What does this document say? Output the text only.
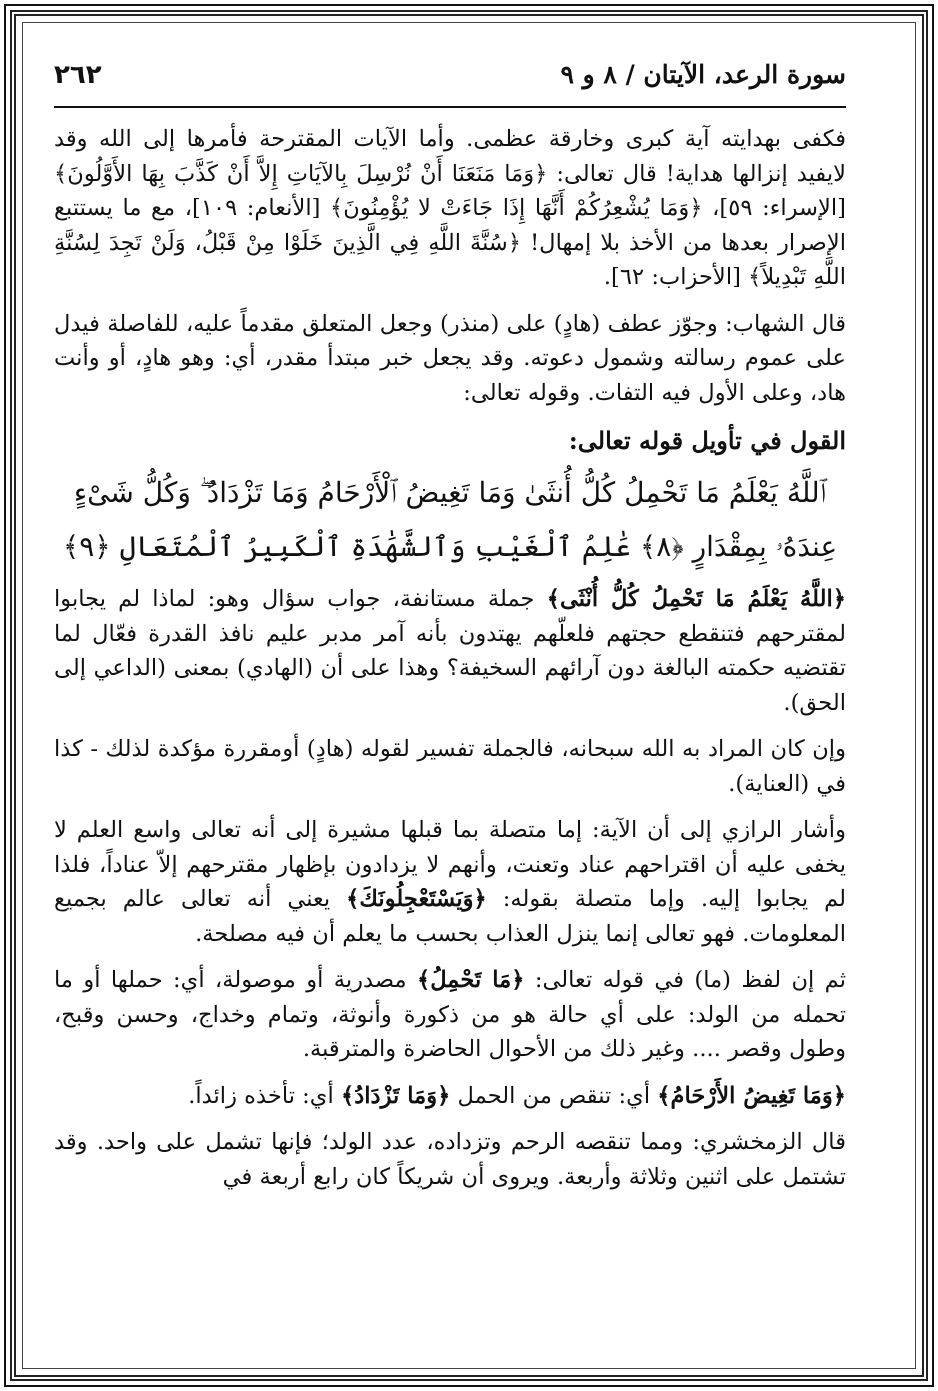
سورة الرعد، الآيتان / ٨ و ٩
٢٦٢

فكفى بهدايته آية كبرى وخارقة عظمى. وأما الآيات المقترحة فأمرها إلى الله وقد لايفيد إنزالها هداية! قال تعالى: ﴿وَمَا مَنَعَنَا أَنْ نُرْسِلَ بِالآيَاتِ إِلاَّ أَنْ كَذَّبَ بِهَا الأَوَّلُونَ﴾ [الإسراء: ٥٩]، ﴿وَمَا يُشْعِرُكُمْ أَنَّهَا إِذَا جَاءَتْ لا يُؤْمِنُونَ﴾ [الأنعام: ١٠٩]، مع ما يستتبع الإصرار بعدها من الأخذ بلا إمهال! ﴿سُنَّةَ اللَّهِ فِي الَّذِينَ خَلَوْا مِنْ قَبْلُ، وَلَنْ تَجِدَ لِسُنَّةِ اللَّهِ تَبْدِيلاً﴾ [الأحزاب: ٦٢].

قال الشهاب: وجوّز عطف (هادٍ) على (منذر) وجعل المتعلق مقدماً عليه، للفاصلة فيدل على عموم رسالته وشمول دعوته. وقد يجعل خبر مبتدأ مقدر، أي: وهو هادٍ، أو وأنت هاد، وعلى الأول فيه التفات. وقوله تعالى:

القول في تأويل قوله تعالى:
ٱللَّهُ يَعْلَمُ مَا تَحْمِلُ كُلُّ أُنثَىٰ وَمَا تَغِيضُ ٱلْأَرْحَامُ وَمَا تَزْدَادُ ۖ وَكُلُّ شَىْءٍ
عِندَهُۥ بِمِقْدَارٍ ﴿٨﴾ عَٰلِمُ ٱلْغَيْبِ وَٱلشَّهَٰدَةِ ٱلْكَبِيرُ ٱلْمُتَعَالِ ﴿٩﴾

﴿اللَّهُ يَعْلَمُ مَا تَحْمِلُ كُلُّ أُنْثَى﴾ جملة مستانفة، جواب سؤال وهو: لماذا لم يجابوا لمقترحهم فتنقطع حجتهم فلعلّهم يهتدون بأنه آمر مدبر عليم نافذ القدرة فعّال لما تقتضيه حكمته البالغة دون آرائهم السخيفة؟ وهذا على أن (الهادي) بمعنى (الداعي إلى الحق).

وإن كان المراد به الله سبحانه، فالجملة تفسير لقوله (هادٍ) أومقررة مؤكدة لذلك - كذا في (العناية).

وأشار الرازي إلى أن الآية: إما متصلة بما قبلها مشيرة إلى أنه تعالى واسع العلم لا يخفى عليه أن اقتراحهم عناد وتعنت، وأنهم لا يزدادون بإظهار مقترحهم إلاّ عناداً، فلذا لم يجابوا إليه. وإما متصلة بقوله: ﴿وَيَسْتَعْجِلُونَكَ﴾ يعني أنه تعالى عالم بجميع المعلومات. فهو تعالى إنما ينزل العذاب بحسب ما يعلم أن فيه مصلحة.

ثم إن لفظ (ما) في قوله تعالى: ﴿مَا تَحْمِلُ﴾ مصدرية أو موصولة، أي: حملها أو ما تحمله من الولد: على أي حالة هو من ذكورة وأنوثة، وتمام وخداج، وحسن وقبح، وطول وقصر .... وغير ذلك من الأحوال الحاضرة والمترقبة.

﴿وَمَا تَغِيضُ الأَرْحَامُ﴾ أي: تنقص من الحمل ﴿وَمَا تَزْدَادُ﴾ أي: تأخذه زائداً.

قال الزمخشري: ومما تنقصه الرحم وتزداده، عدد الولد؛ فإنها تشمل على واحد. وقد تشتمل على اثنين وثلاثة وأربعة. ويروى أن شريكاً كان رابع أربعة في
